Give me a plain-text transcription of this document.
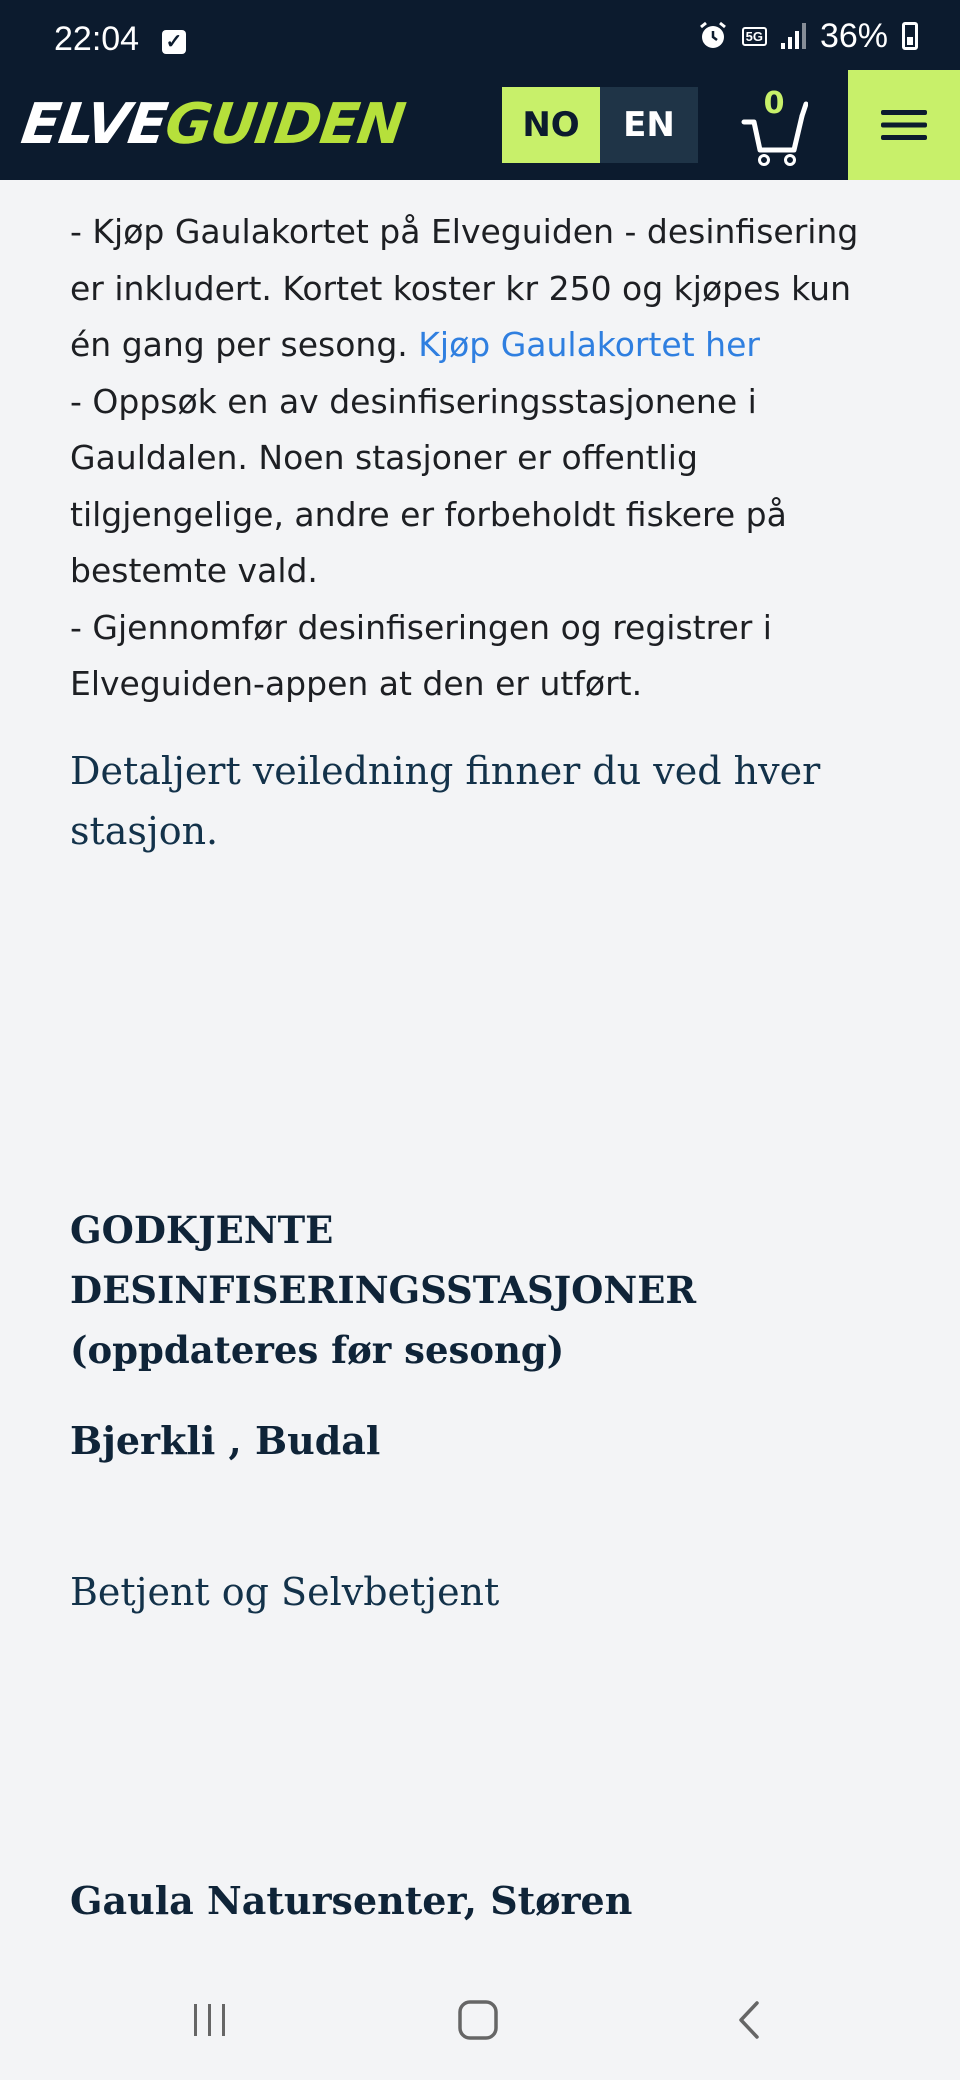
22:04 ✓	5G 36%
ELVEGUIDEN	NO	EN
0

- Kjøp Gaulakortet på Elveguiden - desinfisering er inkludert. Kortet koster kr 250 og kjøpes kun én gang per sesong. Kjøp Gaulakortet her

- Oppsøk en av desinfiseringsstasjonene i Gauldalen. Noen stasjoner er offentlig tilgjengelige, andre er forbeholdt fiskere på bestemte vald.

- Gjennomfør desinfiseringen og registrer i Elveguiden-appen at den er utført.

Detaljert veiledning finner du ved hver stasjon.

GODKJENTE DESINFISERINGSSTASJONER (oppdateres før sesong)
Bjerkli , Budal

Betjent og Selvbetjent

Gaula Natursenter, Støren
